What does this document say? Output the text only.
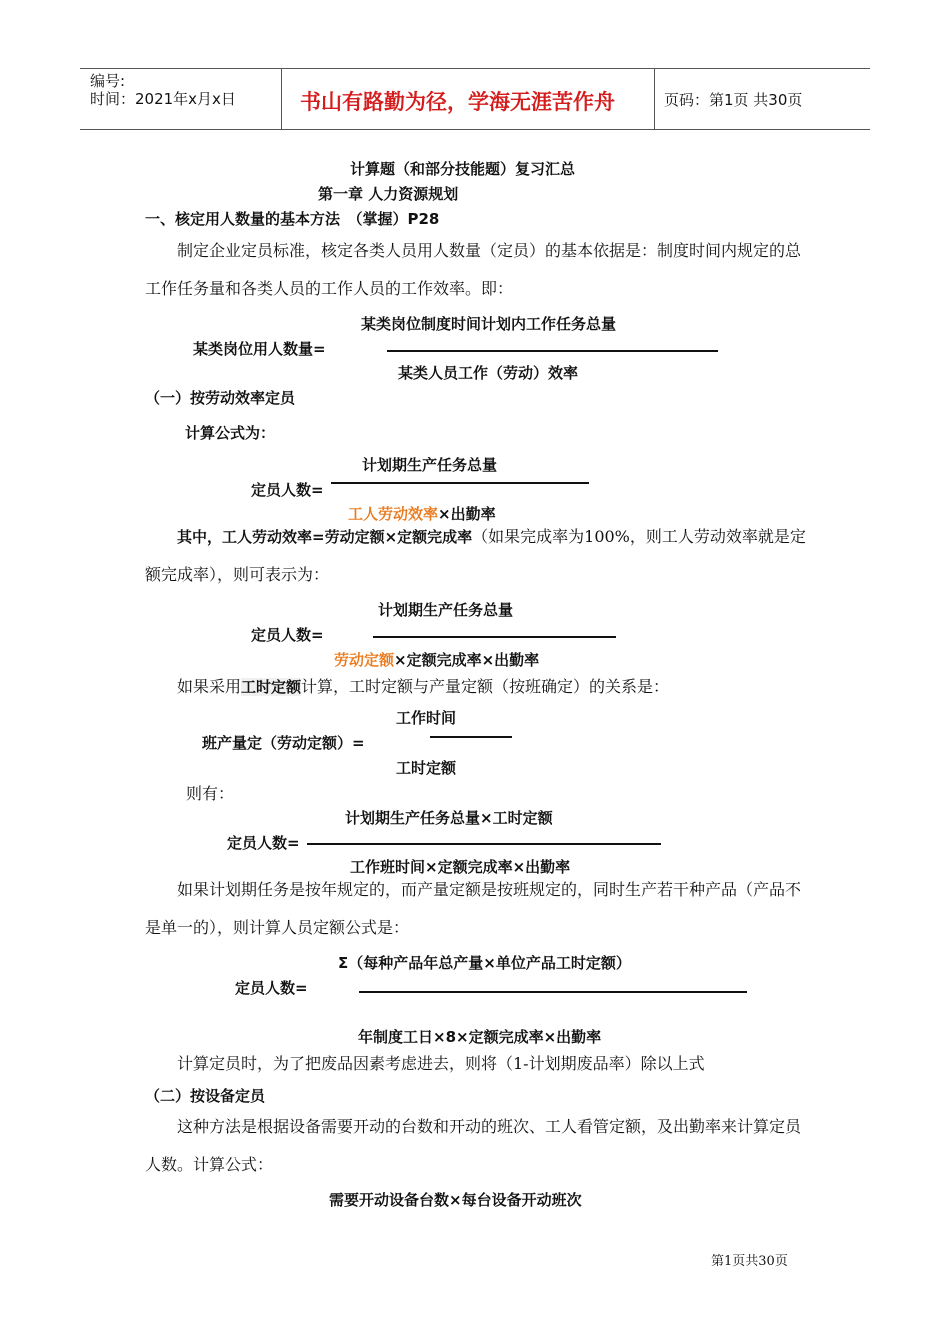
编号:
时间：2021年x月x日	书山有路勤为径，学海无涯苦作舟	页码：第1页 共30页
计算题（和部分技能题）复习汇总
第一章 人力资源规划
一、核定用人数量的基本方法　（掌握）P28
制定企业定员标准，核定各类人员用人数量（定员）的基本依据是：制度时间内规定的总工作任务量和各类人员的工作人员的工作效率。即：
某类岗位制度时间计划内工作任务总量
某类岗位用人数量=
某类人员工作（劳动）效率
（一）按劳动效率定员
计算公式为：
计划期生产任务总量
定员人数=
工人劳动效率×出勤率
其中，工人劳动效率=劳动定额×定额完成率（如果完成率为100%，则工人劳动效率就是定额完成率），则可表示为：
计划期生产任务总量
定员人数=
劳动定额×定额完成率×出勤率
如果采用工时定额计算，工时定额与产量定额（按班确定）的关系是：
工作时间
班产量定（劳动定额）=
工时定额
则有：
计划期生产任务总量×工时定额
定员人数=
工作班时间×定额完成率×出勤率
如果计划期任务是按年规定的，而产量定额是按班规定的，同时生产若干种产品（产品不是单一的），则计算人员定额公式是：
Σ（每种产品年总产量×单位产品工时定额）
定员人数=
年制度工日×8×定额完成率×出勤率
计算定员时，为了把废品因素考虑进去，则将（1-计划期废品率）除以上式
（二）按设备定员
这种方法是根据设备需要开动的台数和开动的班次、工人看管定额，及出勤率来计算定员人数。计算公式：
需要开动设备台数×每台设备开动班次
第1页共30页
